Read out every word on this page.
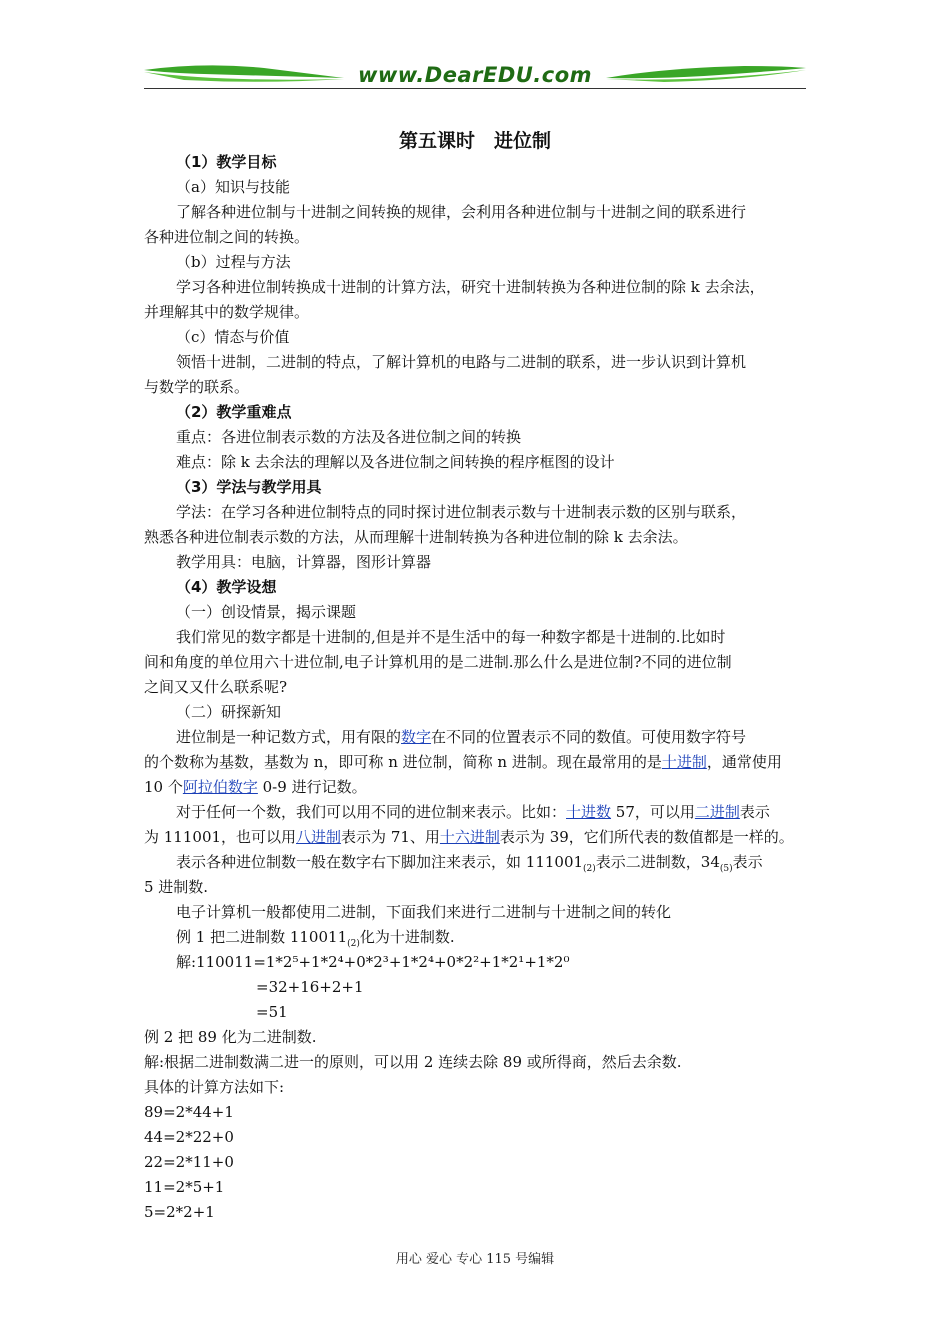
www.DearEDU.com
第五课时　进位制
（1）教学目标
（a）知识与技能
了解各种进位制与十进制之间转换的规律，会利用各种进位制与十进制之间的联系进行
各种进位制之间的转换。
（b）过程与方法
学习各种进位制转换成十进制的计算方法，研究十进制转换为各种进位制的除 k 去余法，
并理解其中的数学规律。
（c）情态与价值
领悟十进制，二进制的特点，了解计算机的电路与二进制的联系，进一步认识到计算机
与数学的联系。
（2）教学重难点
重点：各进位制表示数的方法及各进位制之间的转换
难点：除 k 去余法的理解以及各进位制之间转换的程序框图的设计
（3）学法与教学用具
学法：在学习各种进位制特点的同时探讨进位制表示数与十进制表示数的区别与联系，
熟悉各种进位制表示数的方法，从而理解十进制转换为各种进位制的除 k 去余法。
教学用具：电脑，计算器，图形计算器
（4）教学设想
（一）创设情景，揭示课题
我们常见的数字都是十进制的,但是并不是生活中的每一种数字都是十进制的.比如时
间和角度的单位用六十进位制,电子计算机用的是二进制.那么什么是进位制?不同的进位制
之间又又什么联系呢?
（二）研探新知
进位制是一种记数方式，用有限的数字在不同的位置表示不同的数值。可使用数字符号
的个数称为基数，基数为 n，即可称 n 进位制，简称 n 进制。现在最常用的是十进制，通常使用
10 个阿拉伯数字 0-9 进行记数。
对于任何一个数，我们可以用不同的进位制来表示。比如：十进数 57，可以用二进制表示
为 111001，也可以用八进制表示为 71、用十六进制表示为 39，它们所代表的数值都是一样的。
表示各种进位制数一般在数字右下脚加注来表示，如 $111001_{(2)}$表示二进制数，$34_{(5)}$表示
5 进制数.
电子计算机一般都使用二进制，下面我们来进行二进制与十进制之间的转化
例 1 把二进制数 $110011_{(2)}$化为十进制数.
解:110011=1*2⁵+1*2⁴+0*2³+1*2⁴+0*2²+1*2¹+1*2⁰
=32+16+2+1
=51
例 2 把 89 化为二进制数.
解:根据二进制数满二进一的原则，可以用 2 连续去除 89 或所得商，然后去余数.
具体的计算方法如下:
89=2*44+1
44=2*22+0
22=2*11+0
11=2*5+1
5=2*2+1
用心 爱心 专心 115 号编辑
